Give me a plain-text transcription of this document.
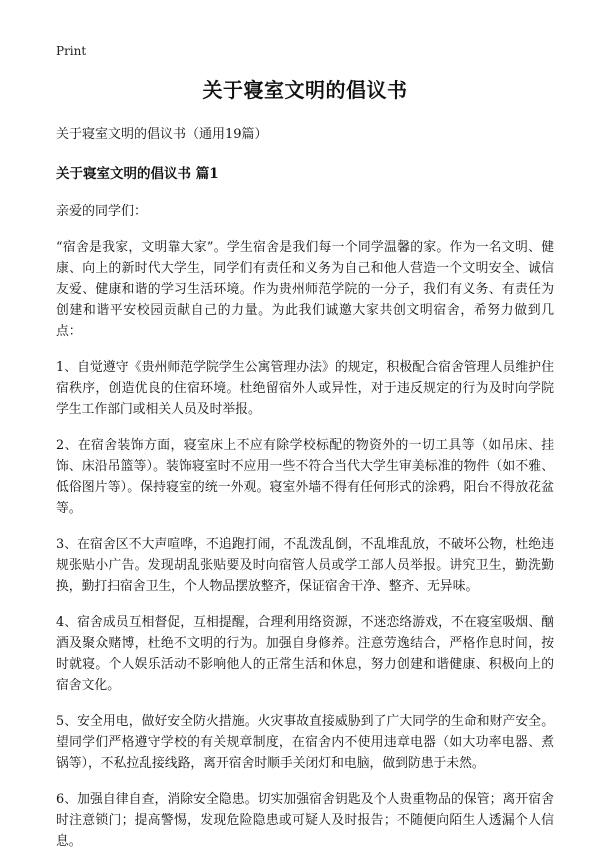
Print
关于寝室文明的倡议书
关于寝室文明的倡议书（通用19篇）
关于寝室文明的倡议书 篇1
亲爱的同学们：

“宿舍是我家，文明靠大家”。学生宿舍是我们每一个同学温馨的家。作为一名文明、健康、向上的新时代大学生，同学们有责任和义务为自己和他人营造一个文明安全、诚信友爱、健康和谐的学习生活环境。作为贵州师范学院的一分子，我们有义务、有责任为创建和谐平安校园贡献自己的力量。为此我们诚邀大家共创文明宿舍，希努力做到几点：

1、自觉遵守《贵州师范学院学生公寓管理办法》的规定，积极配合宿舍管理人员维护住宿秩序，创造优良的住宿环境。杜绝留宿外人或异性，对于违反规定的行为及时向学院学生工作部门或相关人员及时举报。

2、在宿舍装饰方面，寝室床上不应有除学校标配的物资外的一切工具等（如吊床、挂饰、床沿吊篮等）。装饰寝室时不应用一些不符合当代大学生审美标准的物件（如不雅、低俗图片等）。保持寝室的统一外观。寝室外墙不得有任何形式的涂鸦，阳台不得放花盆等。

3、在宿舍区不大声喧哗，不追跑打闹，不乱泼乱倒，不乱堆乱放，不破坏公物，杜绝违规张贴小广告。发现胡乱张贴要及时向宿管人员或学工部人员举报。讲究卫生，勤洗勤换，勤打扫宿舍卫生，个人物品摆放整齐，保证宿舍干净、整齐、无异味。

4、宿舍成员互相督促，互相提醒，合理利用络资源，不迷恋络游戏，不在寝室吸烟、酗酒及聚众赌博，杜绝不文明的行为。加强自身修养。注意劳逸结合，严格作息时间，按时就寝。个人娱乐活动不影响他人的正常生活和休息，努力创建和谐健康、积极向上的宿舍文化。

5、安全用电，做好安全防火措施。火灾事故直接威胁到了广大同学的生命和财产安全。望同学们严格遵守学校的有关规章制度，在宿舍内不使用违章电器（如大功率电器、煮锅等），不私拉乱接线路，离开宿舍时顺手关闭灯和电脑，做到防患于未然。

6、加强自律自查，消除安全隐患。切实加强宿舍钥匙及个人贵重物品的保管；离开宿舍时注意锁门；提高警惕，发现危险隐患或可疑人及时报告；不随便向陌生人透漏个人信息。
